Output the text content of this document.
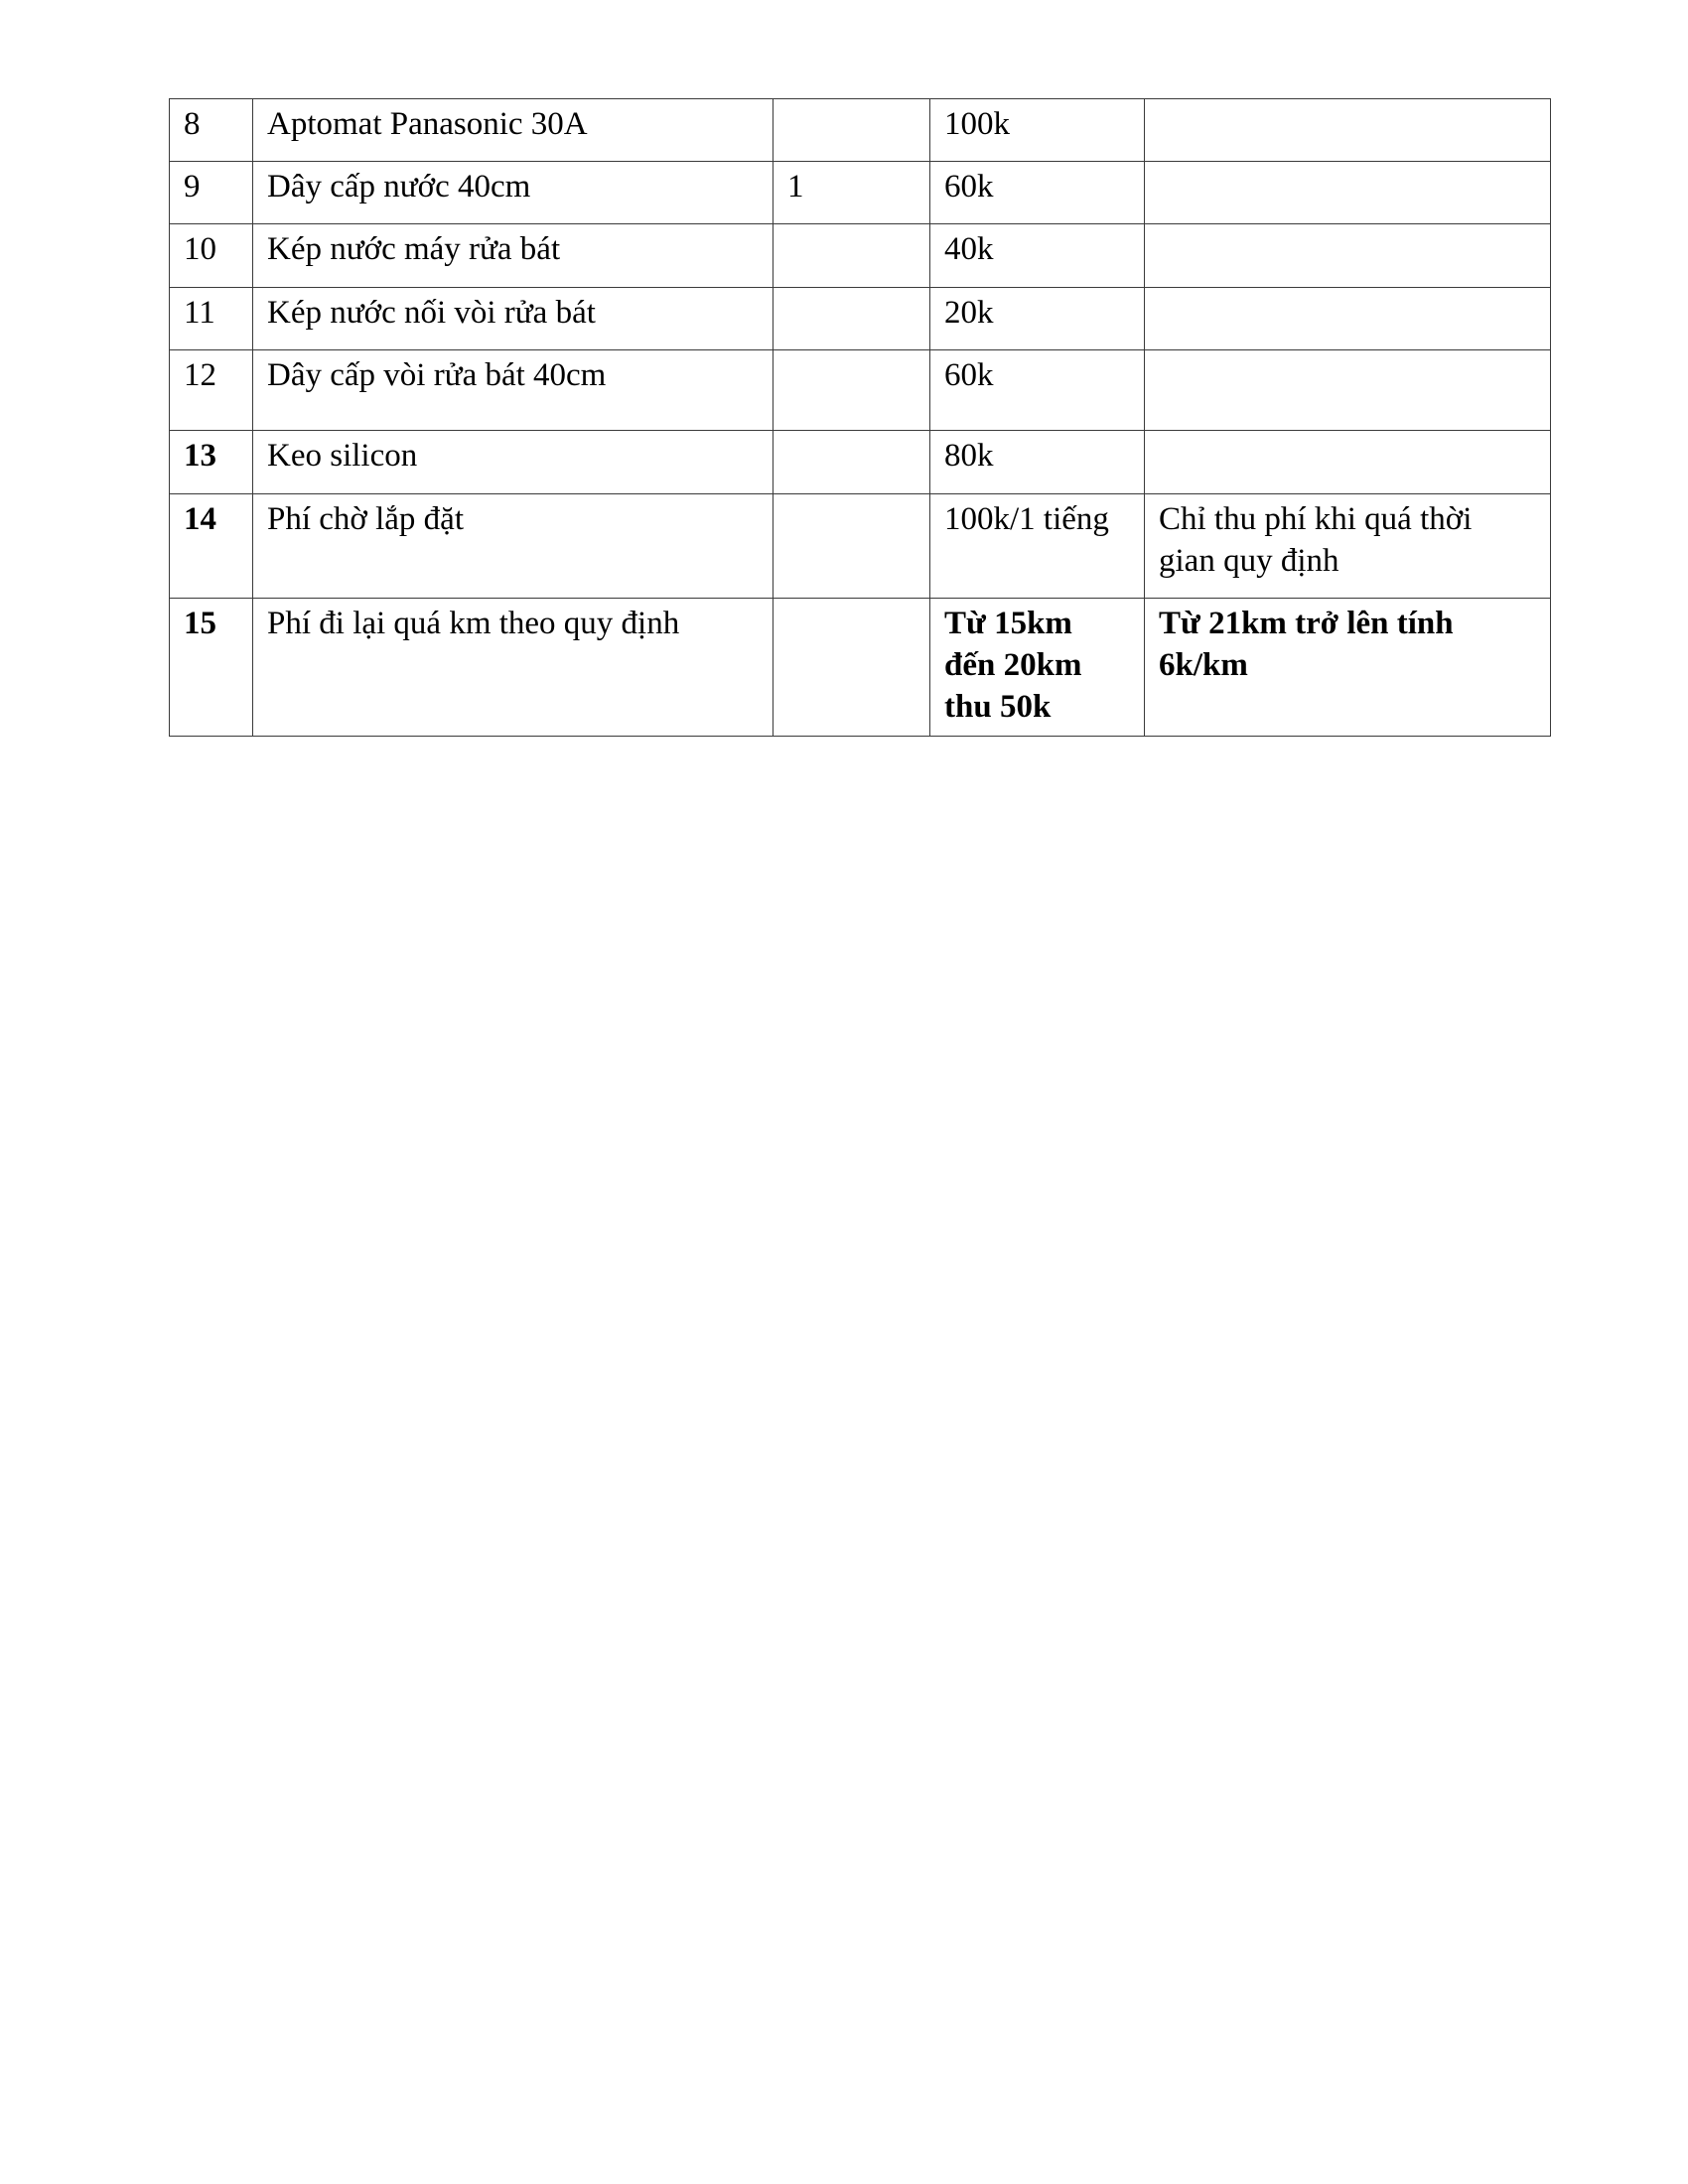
8	Aptomat Panasonic 30A		100k	
9	Dây cấp nước 40cm	1	60k	
10	Kép nước máy rửa bát		40k	
11	Kép nước nối vòi rửa bát		20k	
12	Dây cấp vòi rửa bát 40cm		60k	
13	Keo silicon		80k	
14	Phí chờ lắp đặt		100k/1 tiếng	Chỉ thu phí khi quá thời gian quy định
15	Phí đi lại quá km theo quy định		Từ 15km đến 20km thu 50k	Từ 21km trở lên tính 6k/km
